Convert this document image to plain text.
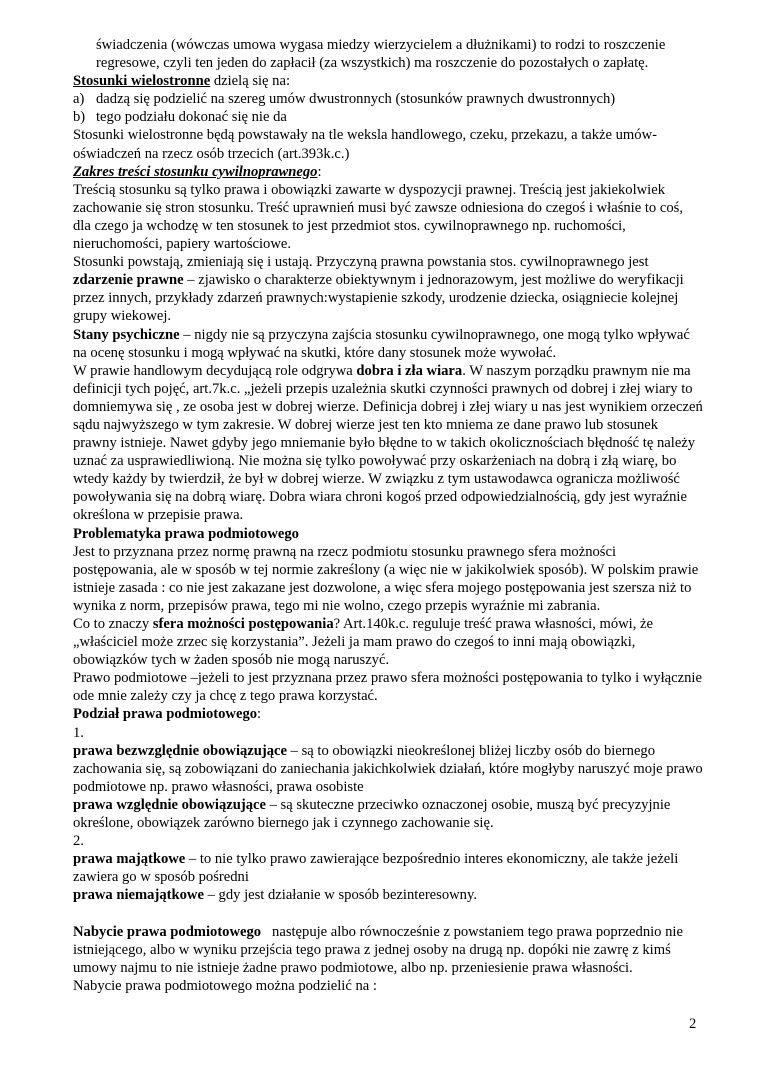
świadczenia (wówczas umowa wygasa miedzy wierzycielem a dłużnikami) to rodzi to roszczenie
regresowe, czyli ten jeden do zapłacił (za wszystkich) ma roszczenie do pozostałych o zapłatę.

Stosunki wielostronne dzielą się na:

a) dadzą się podzielić na szereg umów dwustronnych (stosunków prawnych dwustronnych)
b) tego podziału dokonać się nie da

Stosunki wielostronne będą powstawały na tle weksla handlowego, czeku, przekazu, a także umów-oświadczeń na rzecz osób trzecich (art.393k.c.)

Zakres treści stosunku cywilnoprawnego:

Treścią stosunku są tylko prawa i obowiązki zawarte w dyspozycji prawnej. Treścią jest jakiekolwiek zachowanie się stron stosunku. Treść uprawnień musi być zawsze odniesiona do czegoś i właśnie to coś, dla czego ja wchodzę w ten stosunek to jest przedmiot stos. cywilnoprawnego np. ruchomości, nieruchomości, papiery wartościowe.

Stosunki powstają, zmieniają się i ustają. Przyczyną prawna powstania stos. cywilnoprawnego jest
zdarzenie prawne – zjawisko o charakterze obiektywnym i jednorazowym, jest możliwe do weryfikacji przez innych, przykłady zdarzeń prawnych:wystapienie szkody, urodzenie dziecka, osiągniecie kolejnej grupy wiekowej.

Stany psychiczne – nigdy nie są przyczyna zajścia stosunku cywilnoprawnego, one mogą tylko wpływać na ocenę stosunku i mogą wpływać na skutki, które dany stosunek może wywołać.

W prawie handlowym decydującą role odgrywa dobra i zła wiara. W naszym porządku prawnym nie ma definicji tych pojęć, art.7k.c. „jeżeli przepis uzależnia skutki czynności prawnych od dobrej i złej wiary to domniemywa się , ze osoba jest w dobrej wierze. Definicja dobrej i złej wiary u nas jest wynikiem orzeczeń sądu najwyższego w tym zakresie. W dobrej wierze jest ten kto mniema ze dane prawo lub stosunek prawny istnieje. Nawet gdyby jego mniemanie było błędne to w takich okolicznościach błędność tę należy uznać za usprawiedliwioną. Nie można się tylko powoływać przy oskarżeniach na dobrą i złą wiarę, bo wtedy każdy by twierdził, że był w dobrej wierze. W związku z tym ustawodawca ogranicza możliwość powoływania się na dobrą wiarę. Dobra wiara chroni kogoś przed odpowiedzialnością, gdy jest wyraźnie określona w przepisie prawa.

Problematyka prawa podmiotowego

Jest to przyznana przez normę prawną na rzecz podmiotu stosunku prawnego sfera możności postępowania, ale w sposób w tej normie zakreślony (a więc nie w jakikolwiek sposób). W polskim prawie istnieje zasada : co nie jest zakazane jest dozwolone, a więc sfera mojego postępowania jest szersza niż to wynika z norm, przepisów prawa, tego mi nie wolno, czego przepis wyraźnie mi zabrania.

Co to znaczy sfera możności postępowania? Art.140k.c. reguluje treść prawa własności, mówi, że „właściciel może zrzec się korzystania”. Jeżeli ja mam prawo do czegoś to inni mają obowiązki, obowiązków tych w żaden sposób nie mogą naruszyć.

Prawo podmiotowe –jeżeli to jest przyznana przez prawo sfera możności postępowania to tylko i wyłącznie ode mnie zależy czy ja chcę z tego prawa korzystać.

Podział prawa podmiotowego:

1.

prawa bezwzględnie obowiązujące – są to obowiązki nieokreślonej bliżej liczby osób do biernego zachowania się, są zobowiązani do zaniechania jakichkolwiek działań, które mogłyby naruszyć moje prawo podmiotowe np. prawo własności, prawa osobiste

prawa względnie obowiązujące – są skuteczne przeciwko oznaczonej osobie, muszą być precyzyjnie określone, obowiązek zarówno biernego jak i czynnego zachowanie się.

2.

prawa majątkowe – to nie tylko prawo zawierające bezpośrednio interes ekonomiczny, ale także jeżeli zawiera go w sposób pośredni

prawa niemajątkowe – gdy jest działanie w sposób bezinteresowny.

Nabycie prawa podmiotowego   następuje albo równocześnie z powstaniem tego prawa poprzednio nie istniejącego, albo w wyniku przejścia tego prawa z jednej osoby na drugą np. dopóki nie zawrę z kimś umowy najmu to nie istnieje żadne prawo podmiotowe, albo np. przeniesienie prawa własności.

Nabycie prawa podmiotowego można podzielić na :

2
